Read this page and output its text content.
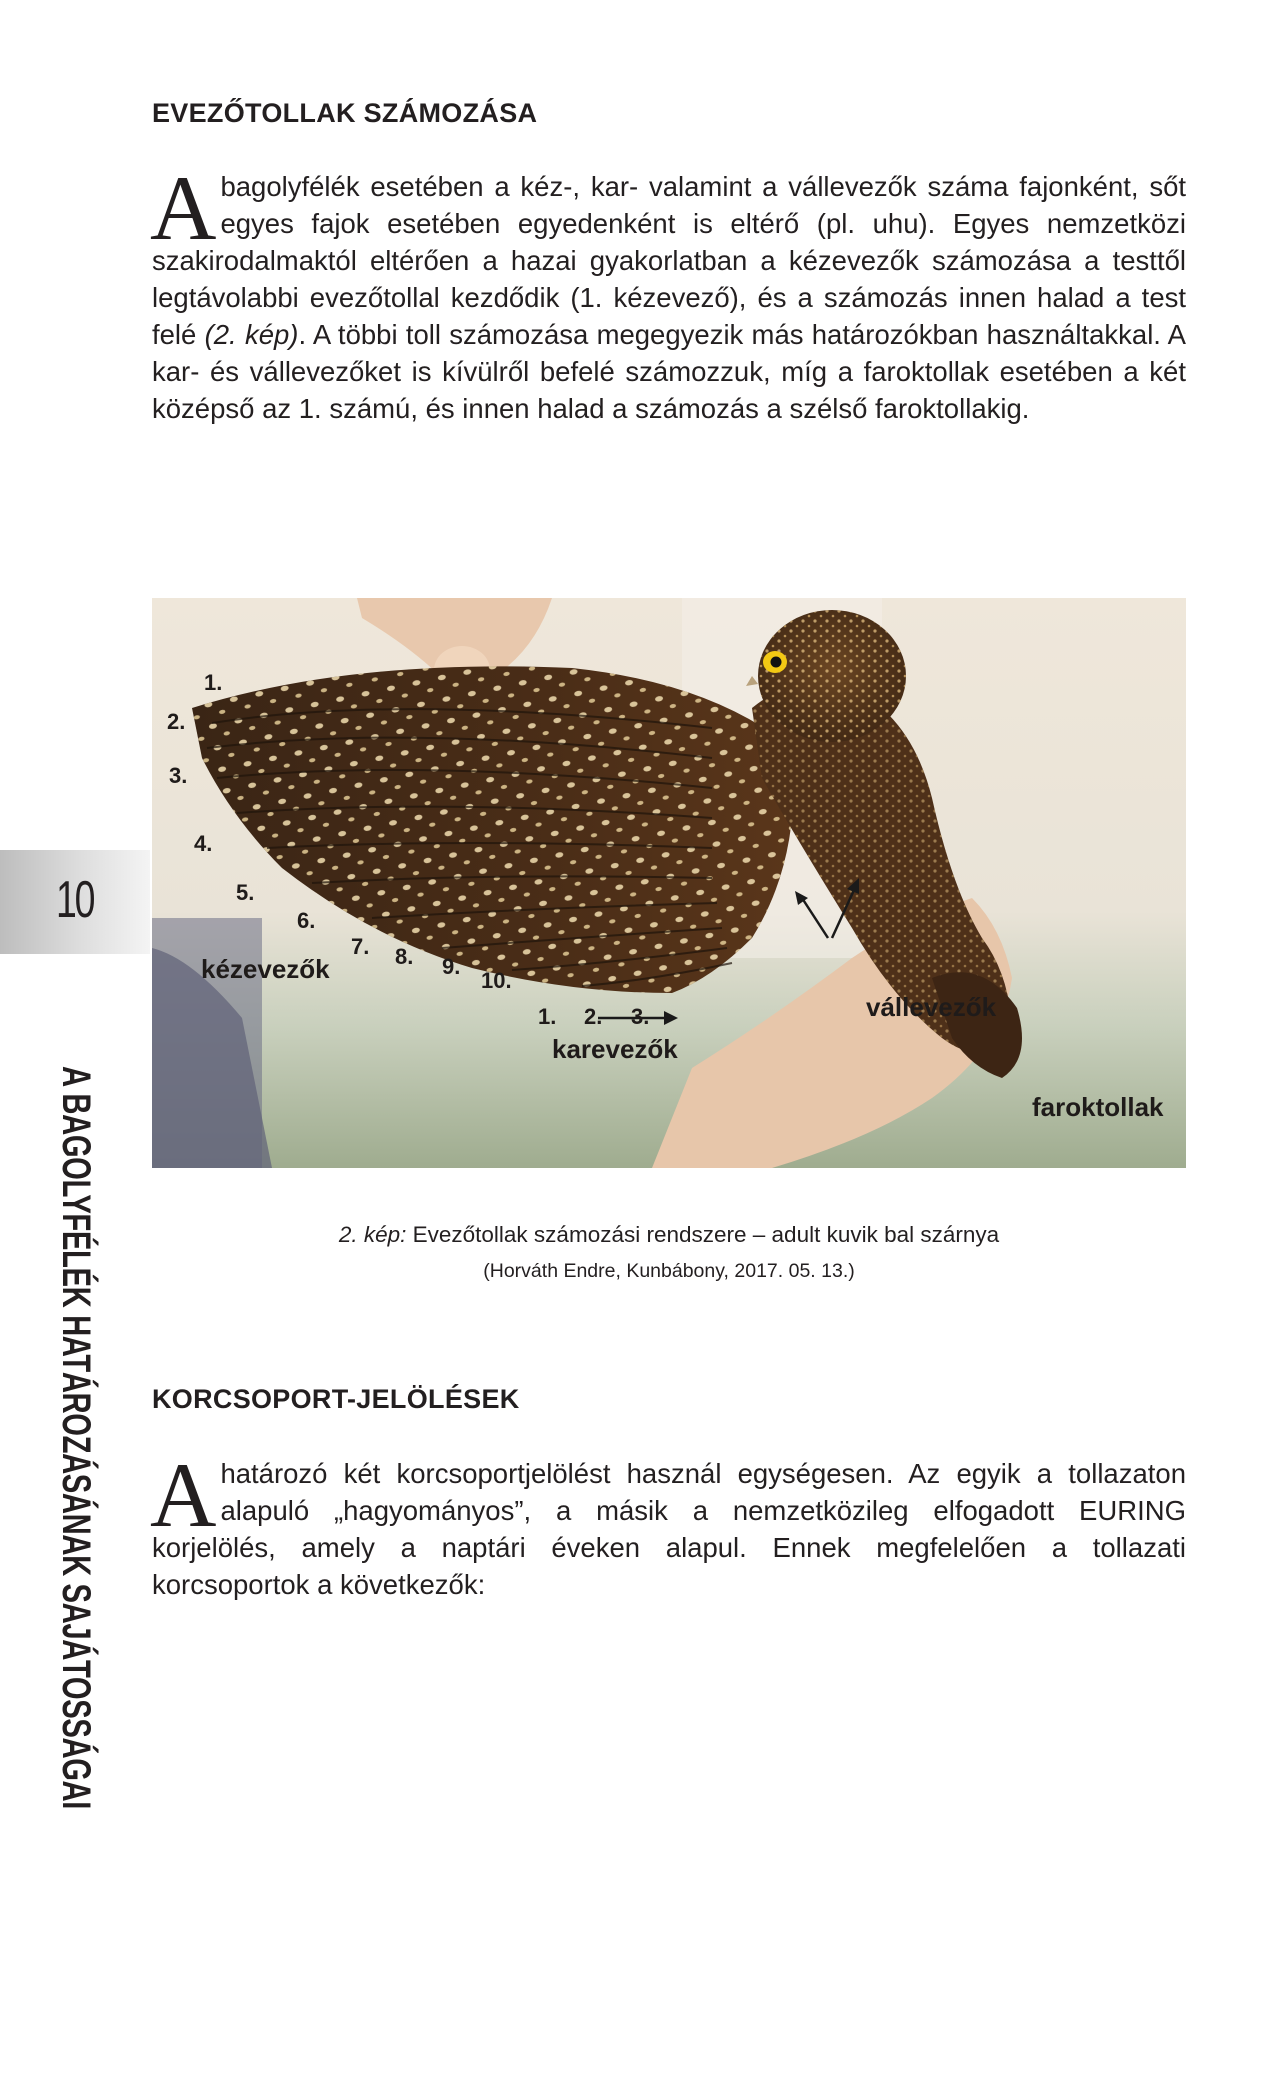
EVEZŐTOLLAK SZÁMOZÁSA

Abagolyfélék esetében a kéz-, kar- valamint a vállevezők száma fajonként, sőt egyes fajok esetében egyedenként is eltérő (pl. uhu). Egyes nemzetközi szakirodalmaktól eltérően a hazai gyakorlatban a kézevezők számozása a testtől legtávolabbi evezőtollal kezdődik (1. kézevező), és a számozás innen halad a test felé (2. kép). A többi toll számozása megegyezik más határozókban használtakkal. A kar- és vállevezőket is kívülről befelé számozzuk, míg a faroktollak esetében a két középső az 1. számú, és innen halad a számozás a szélső faroktollakig.

10
A BAGOLYFÉLÉK HATÁROZÁSÁNAK SAJÁTOSSÁGAI
1.
2.
3.
4.
5.
6.
7. 8. 9.
10.
kézevezők
1. 2. 3.
karevezők
vállevezők
faroktollak

2. kép: Evezőtollak számozási rendszere – adult kuvik bal szárnya

(Horváth Endre, Kunbábony, 2017. 05. 13.)

KORCSOPORT-JELÖLÉSEK

Ahatározó két korcsoportjelölést használ egységesen. Az egyik a tollazaton alapuló „hagyományos”, a másik a nemzetközileg elfogadott EURING korjelölés, amely a naptári éveken alapul. Ennek megfelelően a tollazati korcsoportok a következők:
